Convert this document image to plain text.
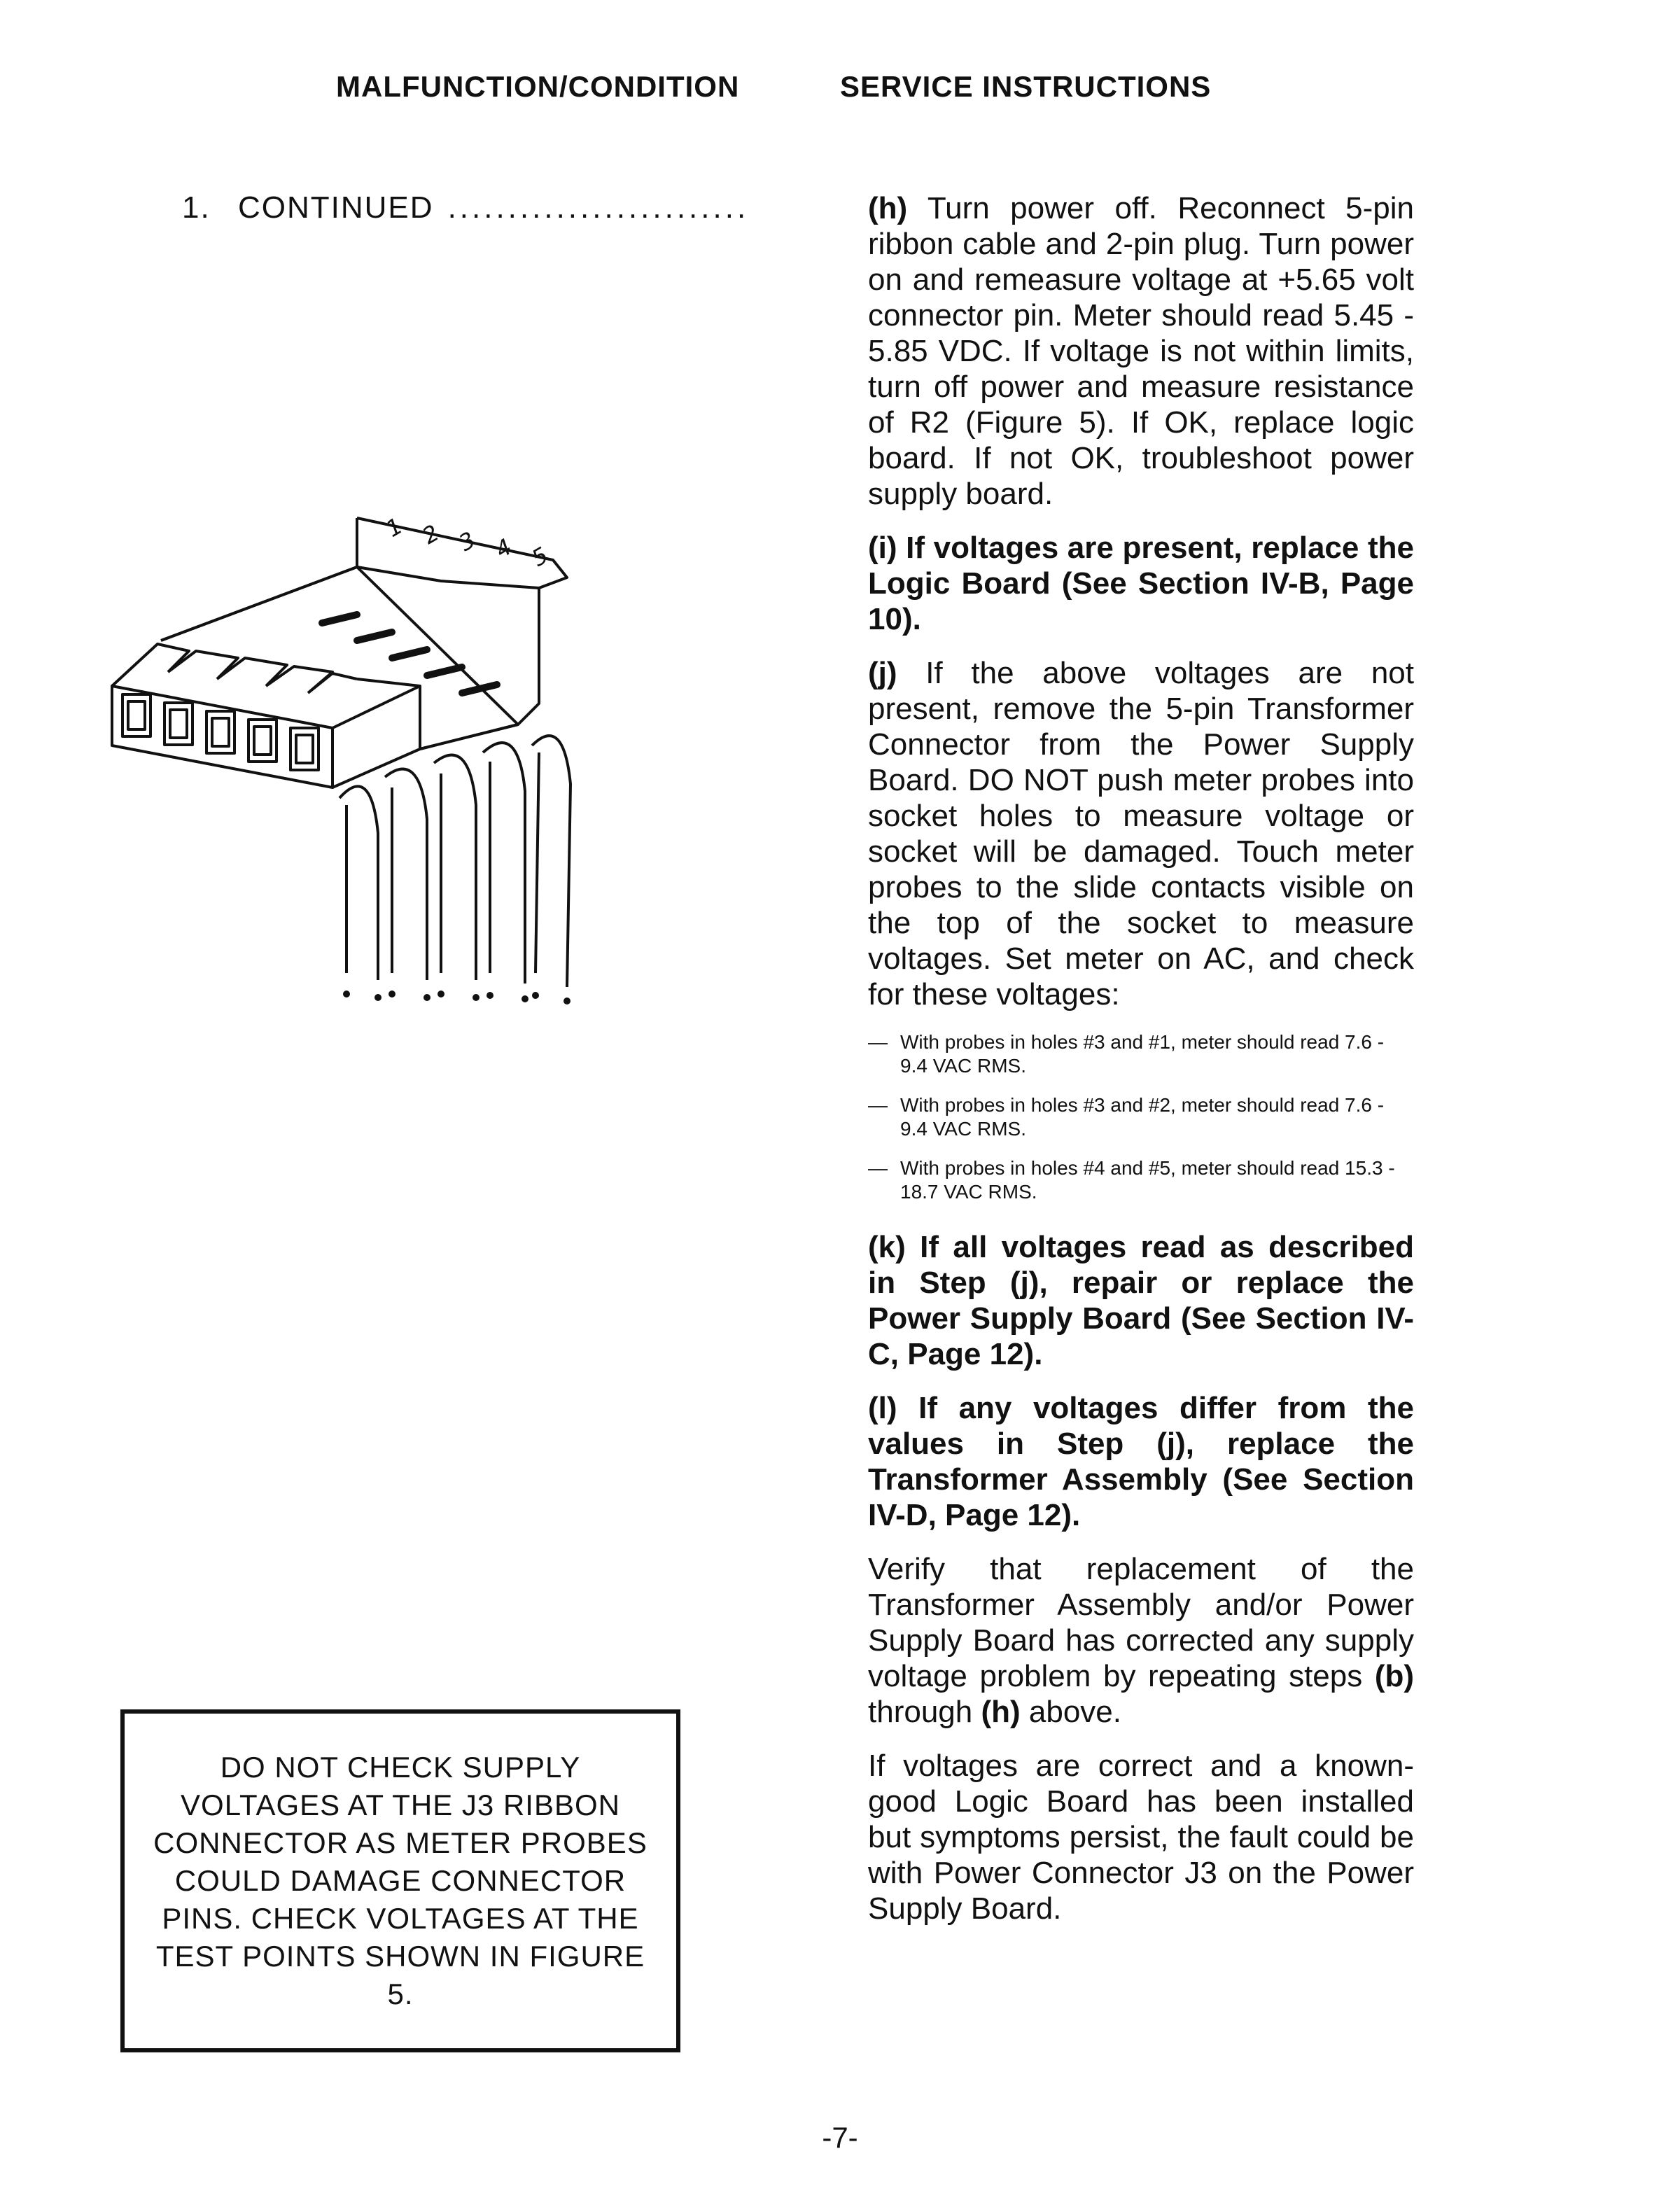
MALFUNCTION/CONDITION	SERVICE INSTRUCTIONS
1. CONTINUED .........................	(h) Turn power off. Reconnect 5-pin ribbon cable and 2-pin plug. Turn power on and remeasure voltage at +5.65 volt connector pin. Meter should read 5.45 - 5.85 VDC. If voltage is not within limits, turn off power and measure resistance of R2 (Figure 5). If OK, replace logic board. If not OK, troubleshoot power supply board.

(i) If voltages are present, replace the Logic Board (See Section IV-B, Page 10).

(j) If the above voltages are not present, remove the 5-pin Transformer Connector from the Power Supply Board. DO NOT push meter probes into socket holes to measure voltage or socket will be damaged. Touch meter probes to the slide contacts visible on the top of the socket to measure voltages. Set meter on AC, and check for these voltages:

— With probes in holes #3 and #1, meter should read 7.6 - 9.4 VAC RMS.
— With probes in holes #3 and #2, meter should read 7.6 - 9.4 VAC RMS.
— With probes in holes #4 and #5, meter should read 15.3 - 18.7 VAC RMS.

(k) If all voltages read as described in Step (j), repair or replace the Power Supply Board (See Section IV-C, Page 12).

(l) If any voltages differ from the values in Step (j), replace the Transformer Assembly (See Section IV-D, Page 12).

Verify that replacement of the Transformer Assembly and/or Power Supply Board has corrected any supply voltage problem by repeating steps (b) through (h) above.

If voltages are correct and a known-good Logic Board has been installed but symptoms persist, the fault could be with Power Connector J3 on the Power Supply Board.

1 2 3 4 5
DO NOT CHECK SUPPLY VOLTAGES AT THE J3 RIBBON CONNECTOR AS METER PROBES COULD DAMAGE CONNECTOR PINS. CHECK VOLTAGES AT THE TEST POINTS SHOWN IN FIGURE 5.
-7-
